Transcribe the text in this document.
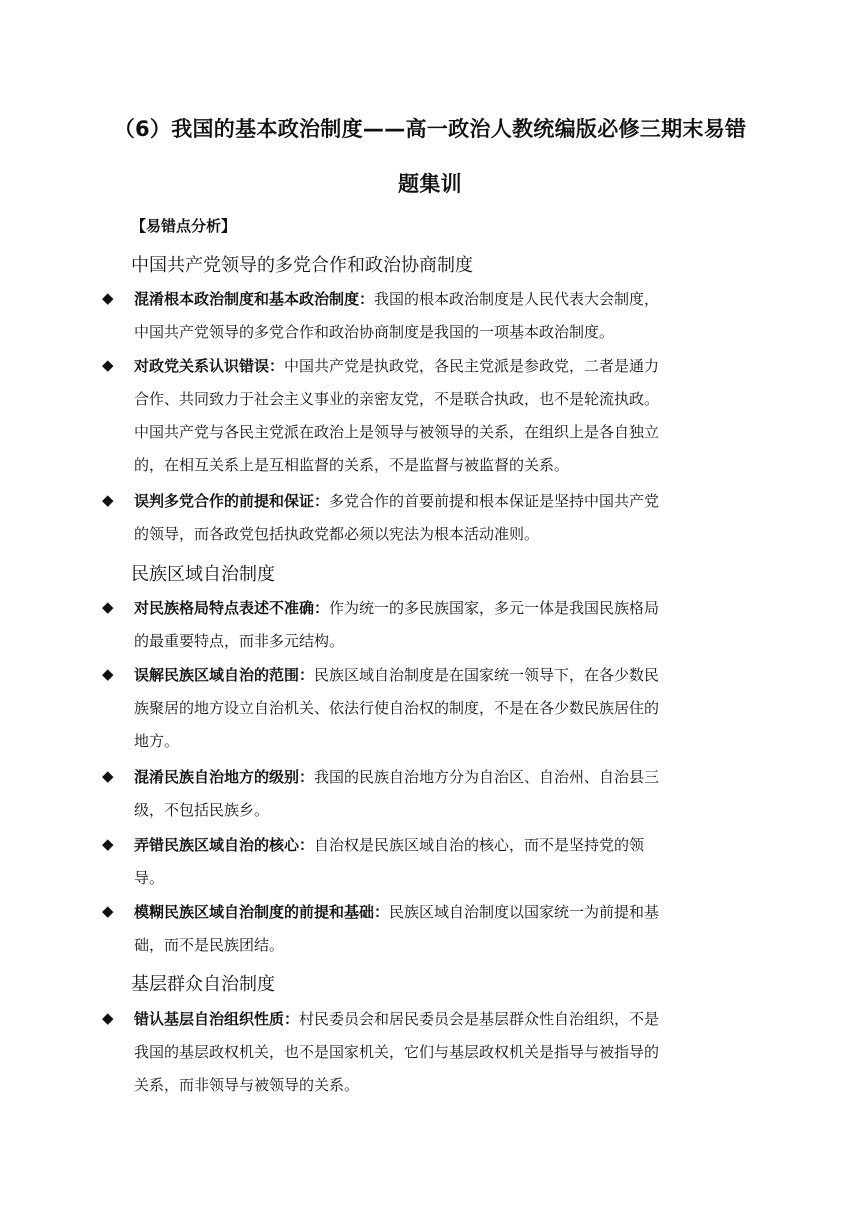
（6）我国的基本政治制度——高一政治人教统编版必修三期末易错
题集训
【易错点分析】
中国共产党领导的多党合作和政治协商制度
◆ 混淆根本政治制度和基本政治制度：我国的根本政治制度是人民代表大会制度，
中国共产党领导的多党合作和政治协商制度是我国的一项基本政治制度。
◆ 对政党关系认识错误：中国共产党是执政党，各民主党派是参政党，二者是通力
合作、共同致力于社会主义事业的亲密友党，不是联合执政，也不是轮流执政。
中国共产党与各民主党派在政治上是领导与被领导的关系，在组织上是各自独立
的，在相互关系上是互相监督的关系，不是监督与被监督的关系。
◆ 误判多党合作的前提和保证：多党合作的首要前提和根本保证是坚持中国共产党
的领导，而各政党包括执政党都必须以宪法为根本活动准则。
民族区域自治制度
◆ 对民族格局特点表述不准确：作为统一的多民族国家，多元一体是我国民族格局
的最重要特点，而非多元结构。
◆ 误解民族区域自治的范围：民族区域自治制度是在国家统一领导下，在各少数民
族聚居的地方设立自治机关、依法行使自治权的制度，不是在各少数民族居住的
地方。
◆ 混淆民族自治地方的级别：我国的民族自治地方分为自治区、自治州、自治县三
级，不包括民族乡。
◆ 弄错民族区域自治的核心：自治权是民族区域自治的核心，而不是坚持党的领
导。
◆ 模糊民族区域自治制度的前提和基础：民族区域自治制度以国家统一为前提和基
础，而不是民族团结。
基层群众自治制度
◆ 错认基层自治组织性质：村民委员会和居民委员会是基层群众性自治组织，不是
我国的基层政权机关，也不是国家机关，它们与基层政权机关是指导与被指导的
关系，而非领导与被领导的关系。
